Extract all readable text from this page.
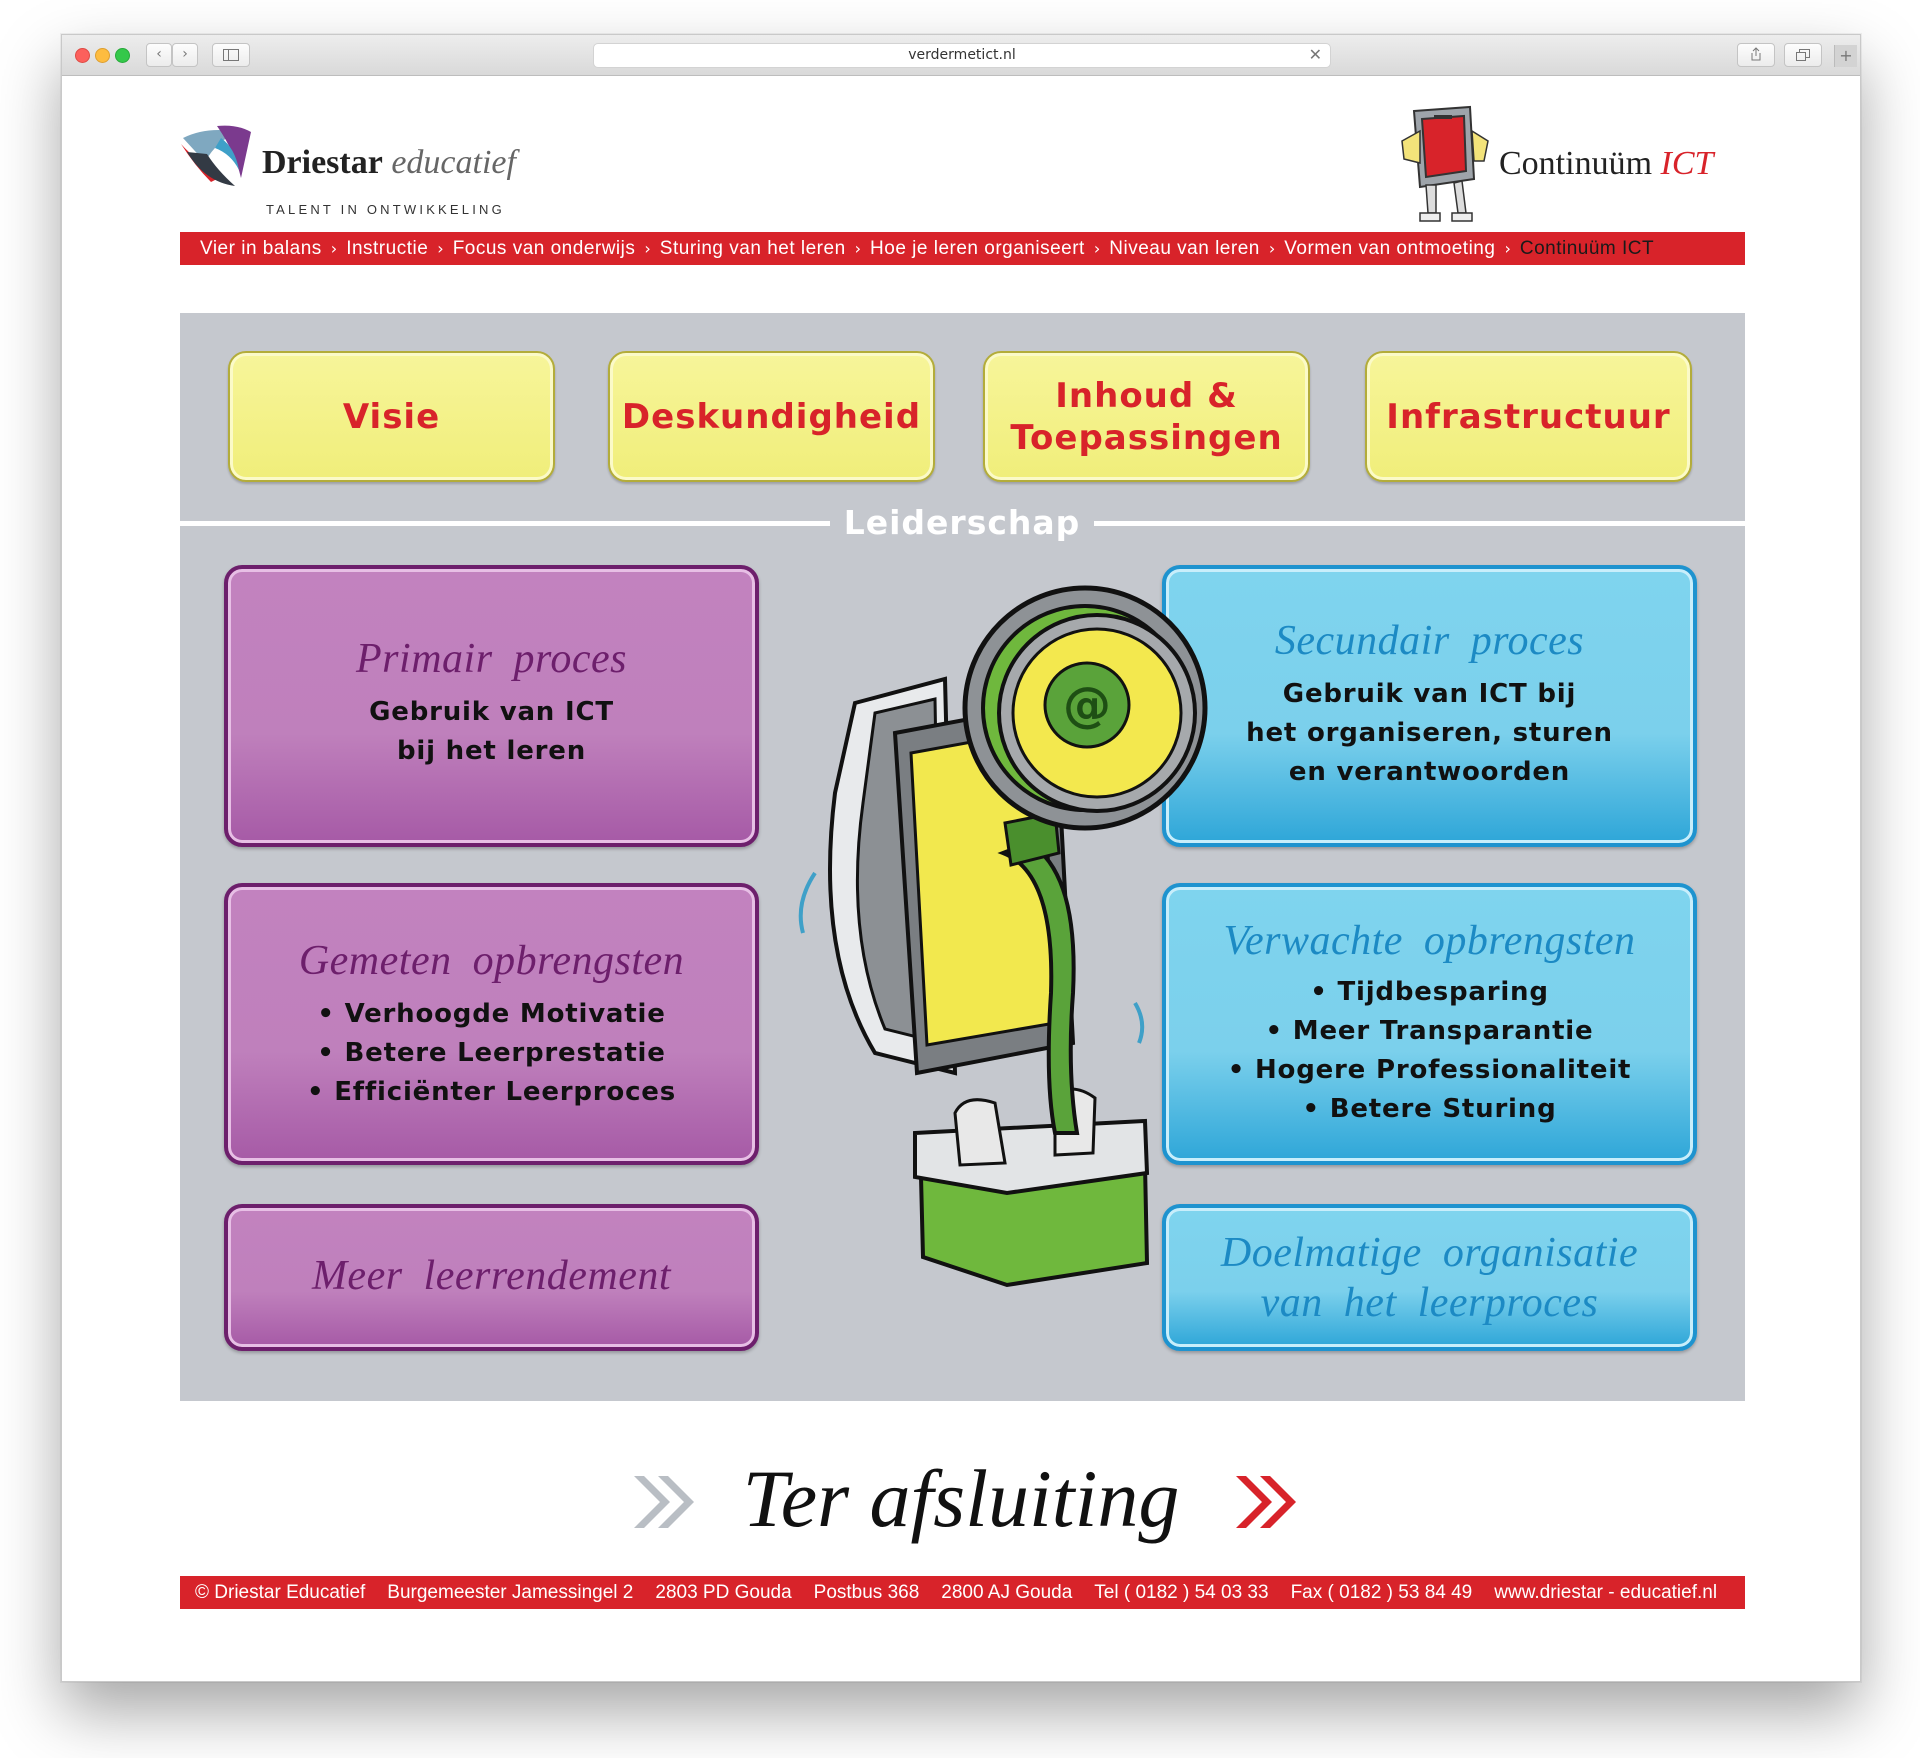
‹	›	verdermetict.nl	✕	+
Driestar educatief
TALENT IN ONTWIKKELING
Continuüm ICT
Vier in balans › Instructie › Focus van onderwijs › Sturing van het leren › Hoe je leren organiseert › Niveau van leren › Vormen van ontmoeting › Continuüm ICT
Visie	Deskundigheid
Inhoud &
Toepassingen
Infrastructuur
Leiderschap
Primair proces
Gebruik van ICT
bij het leren
Gemeten opbrengsten
• Verhoogde Motivatie
• Betere Leerprestatie
• Efficiënter Leerproces
Meer leerrendement
Secundair proces
Gebruik van ICT bij
het organiseren, sturen
en verantwoorden
Verwachte opbrengsten
• Tijdbesparing
• Meer Transparantie
• Hogere Professionaliteit
• Betere Sturing
Doelmatige organisatie
van het leerproces
@
Ter afsluiting
© Driestar Educatief Burgemeester Jamessingel 2 2803 PD Gouda Postbus 368 2800 AJ Gouda Tel ( 0182 ) 54 03 33 Fax ( 0182 ) 53 84 49 www.driestar - educatief.nl
